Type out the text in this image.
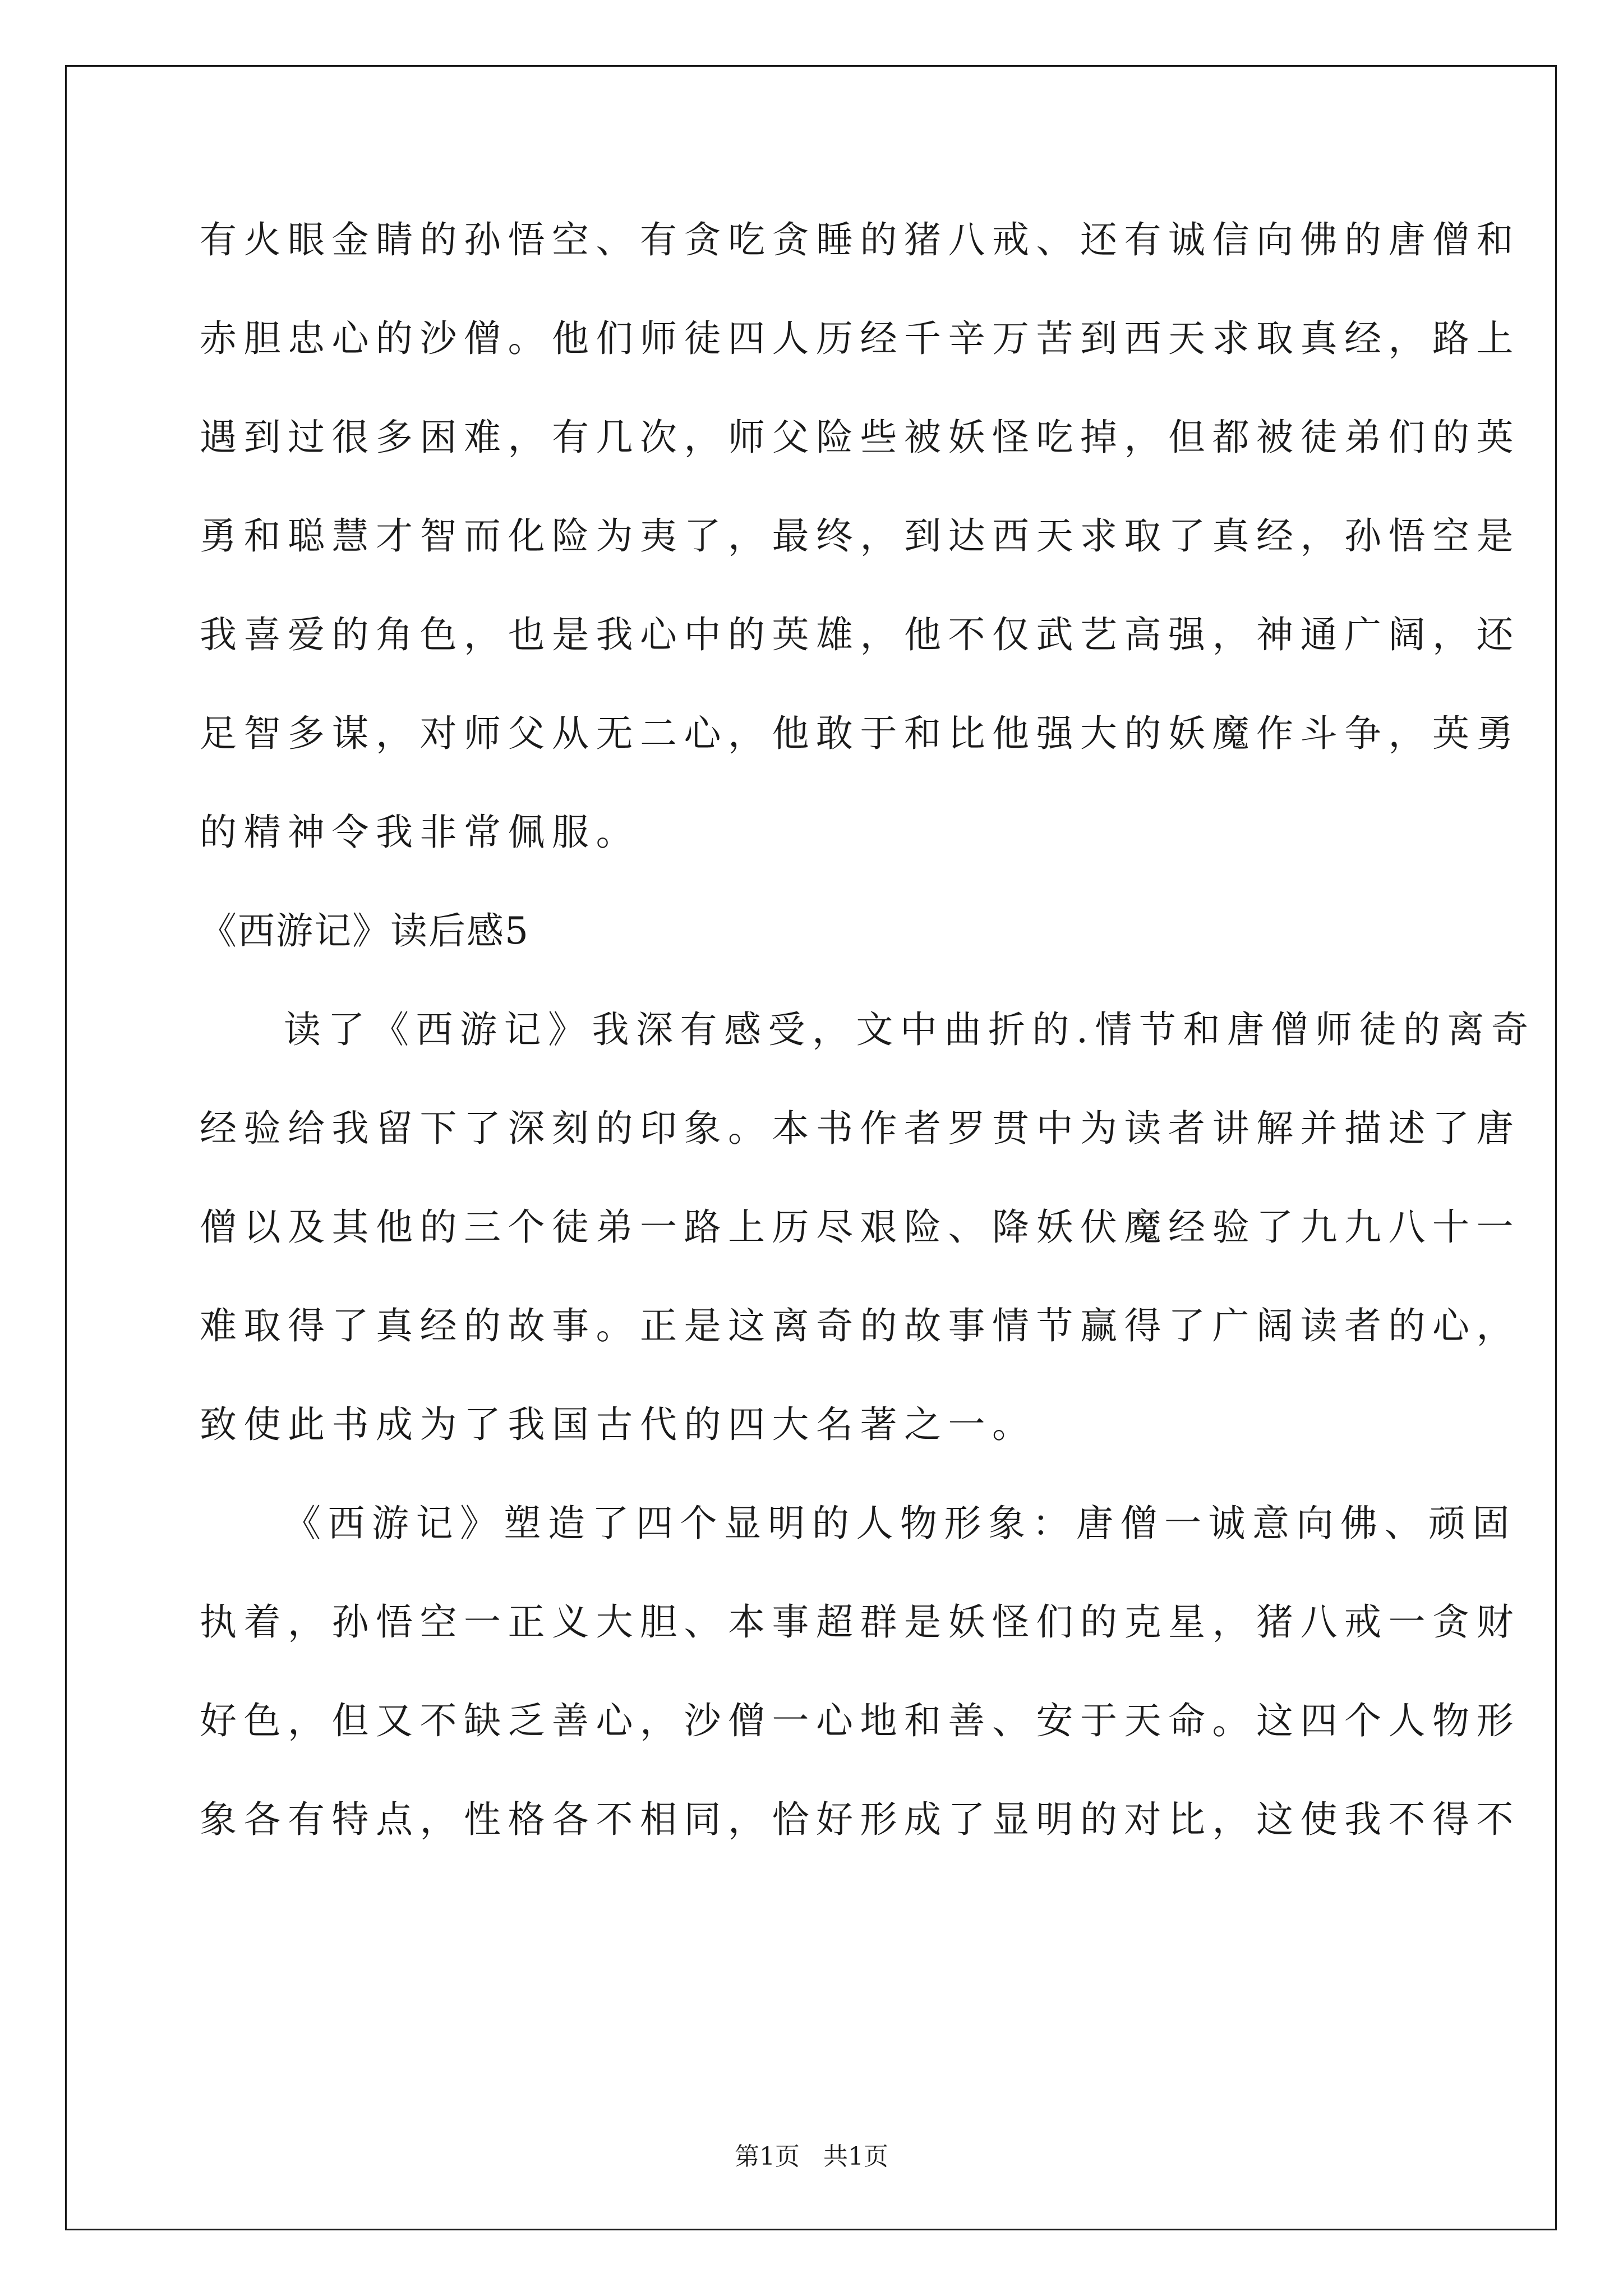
有火眼金睛的孙悟空、有贪吃贪睡的猪八戒、还有诚信向佛的唐僧和
赤胆忠心的沙僧。他们师徒四人历经千辛万苦到西天求取真经，路上
遇到过很多困难，有几次，师父险些被妖怪吃掉，但都被徒弟们的英
勇和聪慧才智而化险为夷了，最终，到达西天求取了真经，孙悟空是
我喜爱的角色，也是我心中的英雄，他不仅武艺高强，神通广阔，还
足智多谋，对师父从无二心，他敢于和比他强大的妖魔作斗争，英勇
的精神令我非常佩服。
《西游记》读后感5
读了《西游记》我深有感受，文中曲折的.情节和唐僧师徒的离奇
经验给我留下了深刻的印象。本书作者罗贯中为读者讲解并描述了唐
僧以及其他的三个徒弟一路上历尽艰险、降妖伏魔经验了九九八十一
难取得了真经的故事。正是这离奇的故事情节赢得了广阔读者的心，
致使此书成为了我国古代的四大名著之一。
《西游记》塑造了四个显明的人物形象：唐僧一诚意向佛、顽固
执着，孙悟空一正义大胆、本事超群是妖怪们的克星，猪八戒一贪财
好色，但又不缺乏善心，沙僧一心地和善、安于天命。这四个人物形
象各有特点，性格各不相同，恰好形成了显明的对比，这使我不得不
第1页   共1页
